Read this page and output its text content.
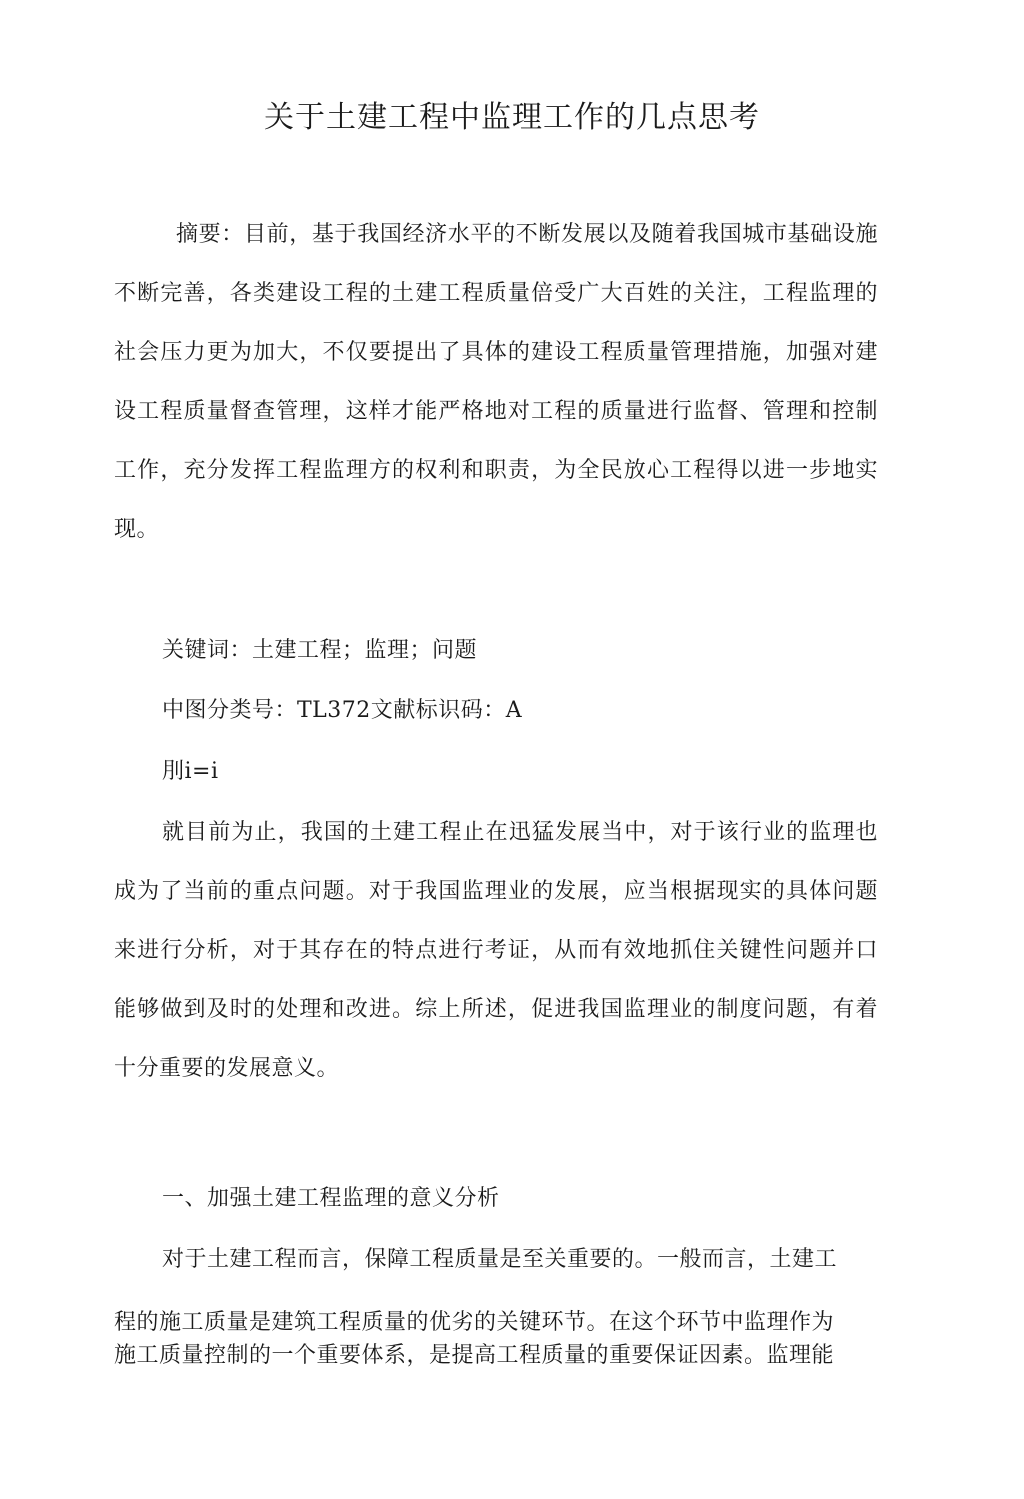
关于土建工程中监理工作的几点思考

摘要：目前，基于我国经济水平的不断发展以及随着我国城市基础设施不断完善，各类建设工程的土建工程质量倍受广大百姓的关注，工程监理的社会压力更为加大，不仅要提出了具体的建设工程质量管理措施，加强对建设工程质量督查管理，这样才能严格地对工程的质量进行监督、管理和控制工作，充分发挥工程监理方的权利和职责，为全民放心工程得以进一步地实现。

关键词：土建工程；监理；问题

中图分类号：TL372文献标识码：A

刖i=i

就目前为止，我国的土建工程止在迅猛发展当中，对于该行业的监理也成为了当前的重点问题。对于我国监理业的发展，应当根据现实的具体问题来进行分析，对于其存在的特点进行考证，从而有效地抓住关键性问题并口能够做到及时的处理和改进。综上所述，促进我国监理业的制度问题，有着十分重要的发展意义。

一、加强土建工程监理的意义分析

对于土建工程而言，保障工程质量是至关重要的。一般而言，土建工

程的施工质量是建筑工程质量的优劣的关键环节。在这个环节中监理作为

施工质量控制的一个重要体系，是提高工程质量的重要保证因素。监理能
